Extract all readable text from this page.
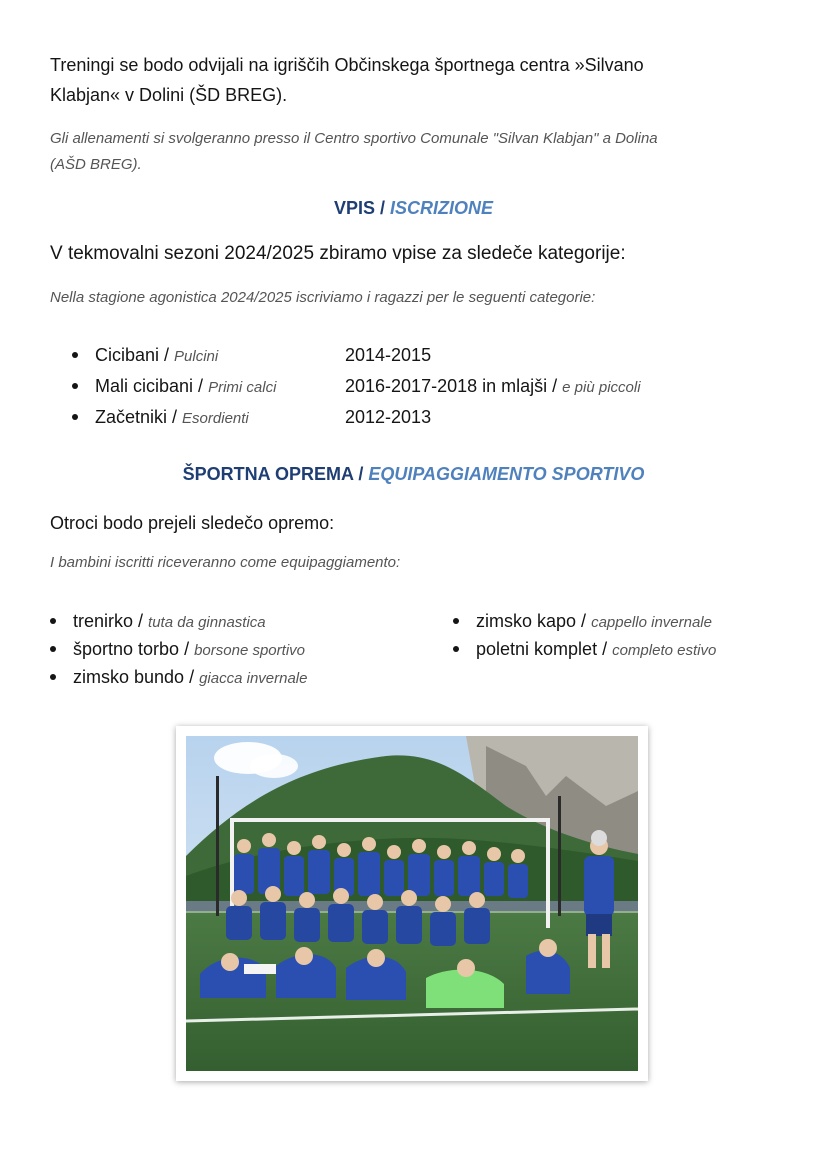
Treningi se bodo odvijali na igriščih Občinskega športnega centra »Silvano

Klabjan« v Dolini (ŠD BREG).

Gli allenamenti si svolgeranno presso il Centro sportivo Comunale "Silvan Klabjan" a Dolina

(AŠD BREG).

VPIS / ISCRIZIONE

V tekmovalni sezoni 2024/2025 zbiramo vpise za sledeče kategorije:

Nella stagione agonistica 2024/2025 iscriviamo i ragazzi per le seguenti categorie:

Cicibani / Pulcini	2014-2015
Mali cicibani / Primi calci	2016-2017-2018 in mlajši / e più piccoli
Začetniki / Esordienti	2012-2013

ŠPORTNA OPREMA / EQUIPAGGIAMENTO SPORTIVO

Otroci bodo prejeli sledečo opremo:

I bambini iscritti riceveranno come equipaggiamento:

trenirko / tuta da ginnastica
športno torbo / borsone sportivo
zimsko bundo / giacca invernale
zimsko kapo / cappello invernale
poletni komplet / completo estivo
